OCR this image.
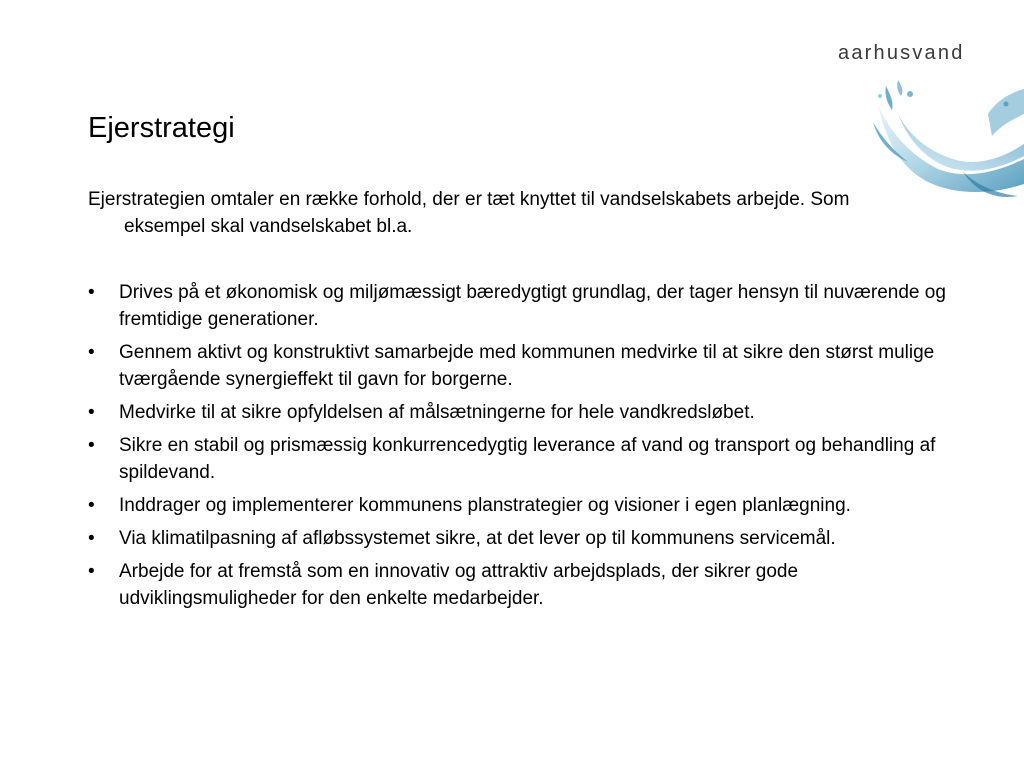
aarhusvand
Ejerstrategi

Ejerstrategien omtaler en række forhold, der er tæt knyttet til vandselskabets arbejde. Som eksempel skal vandselskabet bl.a.

• Drives på et økonomisk og miljømæssigt bæredygtigt grundlag, der tager hensyn til nuværende og fremtidige generationer.
• Gennem aktivt og konstruktivt samarbejde med kommunen medvirke til at sikre den størst mulige tværgående synergieffekt til gavn for borgerne.
• Medvirke til at sikre opfyldelsen af målsætningerne for hele vandkredsløbet.
• Sikre en stabil og prismæssig konkurrencedygtig leverance af vand og transport og behandling af spildevand.
• Inddrager og implementerer kommunens planstrategier og visioner i egen planlægning.
• Via klimatilpasning af afløbssystemet sikre, at det lever op til kommunens servicemål.
• Arbejde for at fremstå som en innovativ og attraktiv arbejdsplads, der sikrer gode udviklingsmuligheder for den enkelte medarbejder.
